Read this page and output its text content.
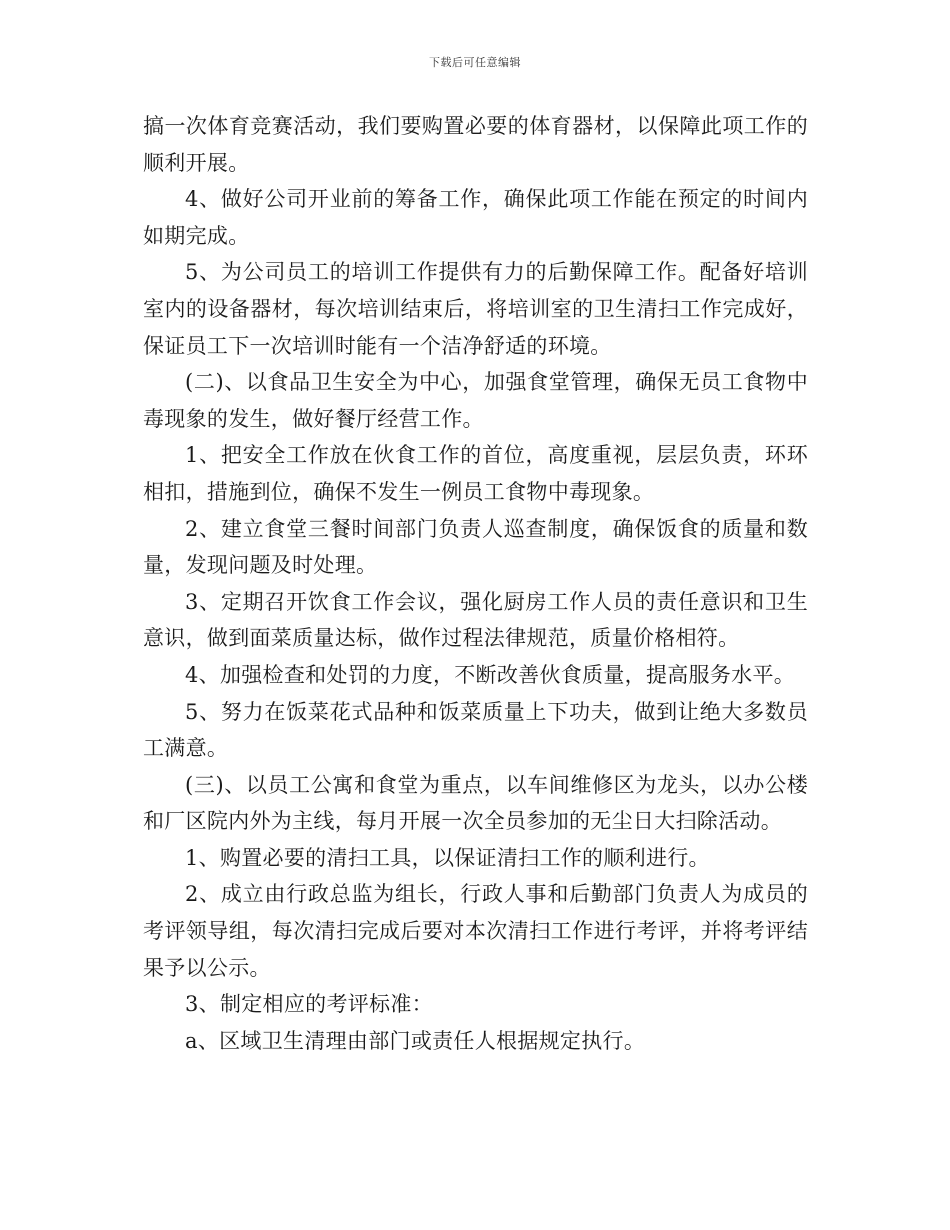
下载后可任意编辑

搞一次体育竞赛活动，我们要购置必要的体育器材，以保障此项工作的顺利开展。

4、做好公司开业前的筹备工作，确保此项工作能在预定的时间内如期完成。

5、为公司员工的培训工作提供有力的后勤保障工作。配备好培训室内的设备器材，每次培训结束后，将培训室的卫生清扫工作完成好，保证员工下一次培训时能有一个洁净舒适的环境。

(二)、以食品卫生安全为中心，加强食堂管理，确保无员工食物中毒现象的发生，做好餐厅经营工作。

1、把安全工作放在伙食工作的首位，高度重视，层层负责，环环相扣，措施到位，确保不发生一例员工食物中毒现象。

2、建立食堂三餐时间部门负责人巡查制度，确保饭食的质量和数量，发现问题及时处理。

3、定期召开饮食工作会议，强化厨房工作人员的责任意识和卫生意识，做到面菜质量达标，做作过程法律规范，质量价格相符。

4、加强检查和处罚的力度，不断改善伙食质量，提高服务水平。

5、努力在饭菜花式品种和饭菜质量上下功夫，做到让绝大多数员工满意。

(三)、以员工公寓和食堂为重点，以车间维修区为龙头，以办公楼和厂区院内外为主线，每月开展一次全员参加的无尘日大扫除活动。

1、购置必要的清扫工具，以保证清扫工作的顺利进行。

2、成立由行政总监为组长，行政人事和后勤部门负责人为成员的考评领导组，每次清扫完成后要对本次清扫工作进行考评，并将考评结果予以公示。

3、制定相应的考评标准：

a、区域卫生清理由部门或责任人根据规定执行。
